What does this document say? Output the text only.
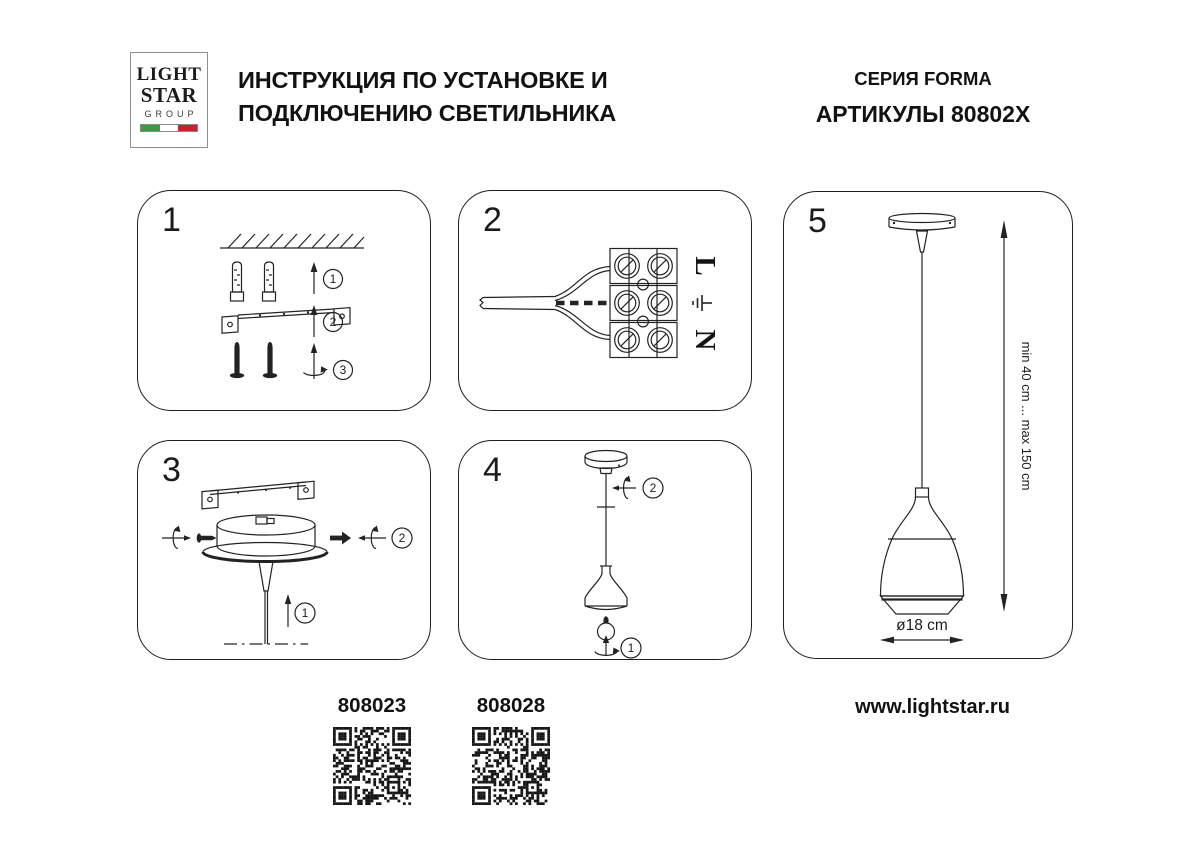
LIGHT
STAR
GROUP
ИНСТРУКЦИЯ ПО УСТАНОВКЕ И
ПОДКЛЮЧЕНИЮ СВЕТИЛЬНИКА
СЕРИЯ FORMA
АРТИКУЛЫ 80802X
1
1
2
3
2
L
N
3
2
1
4	2
1
5
min 40 cm ... max 150 cm
ø18 cm
808023	808028	www.lightstar.ru
